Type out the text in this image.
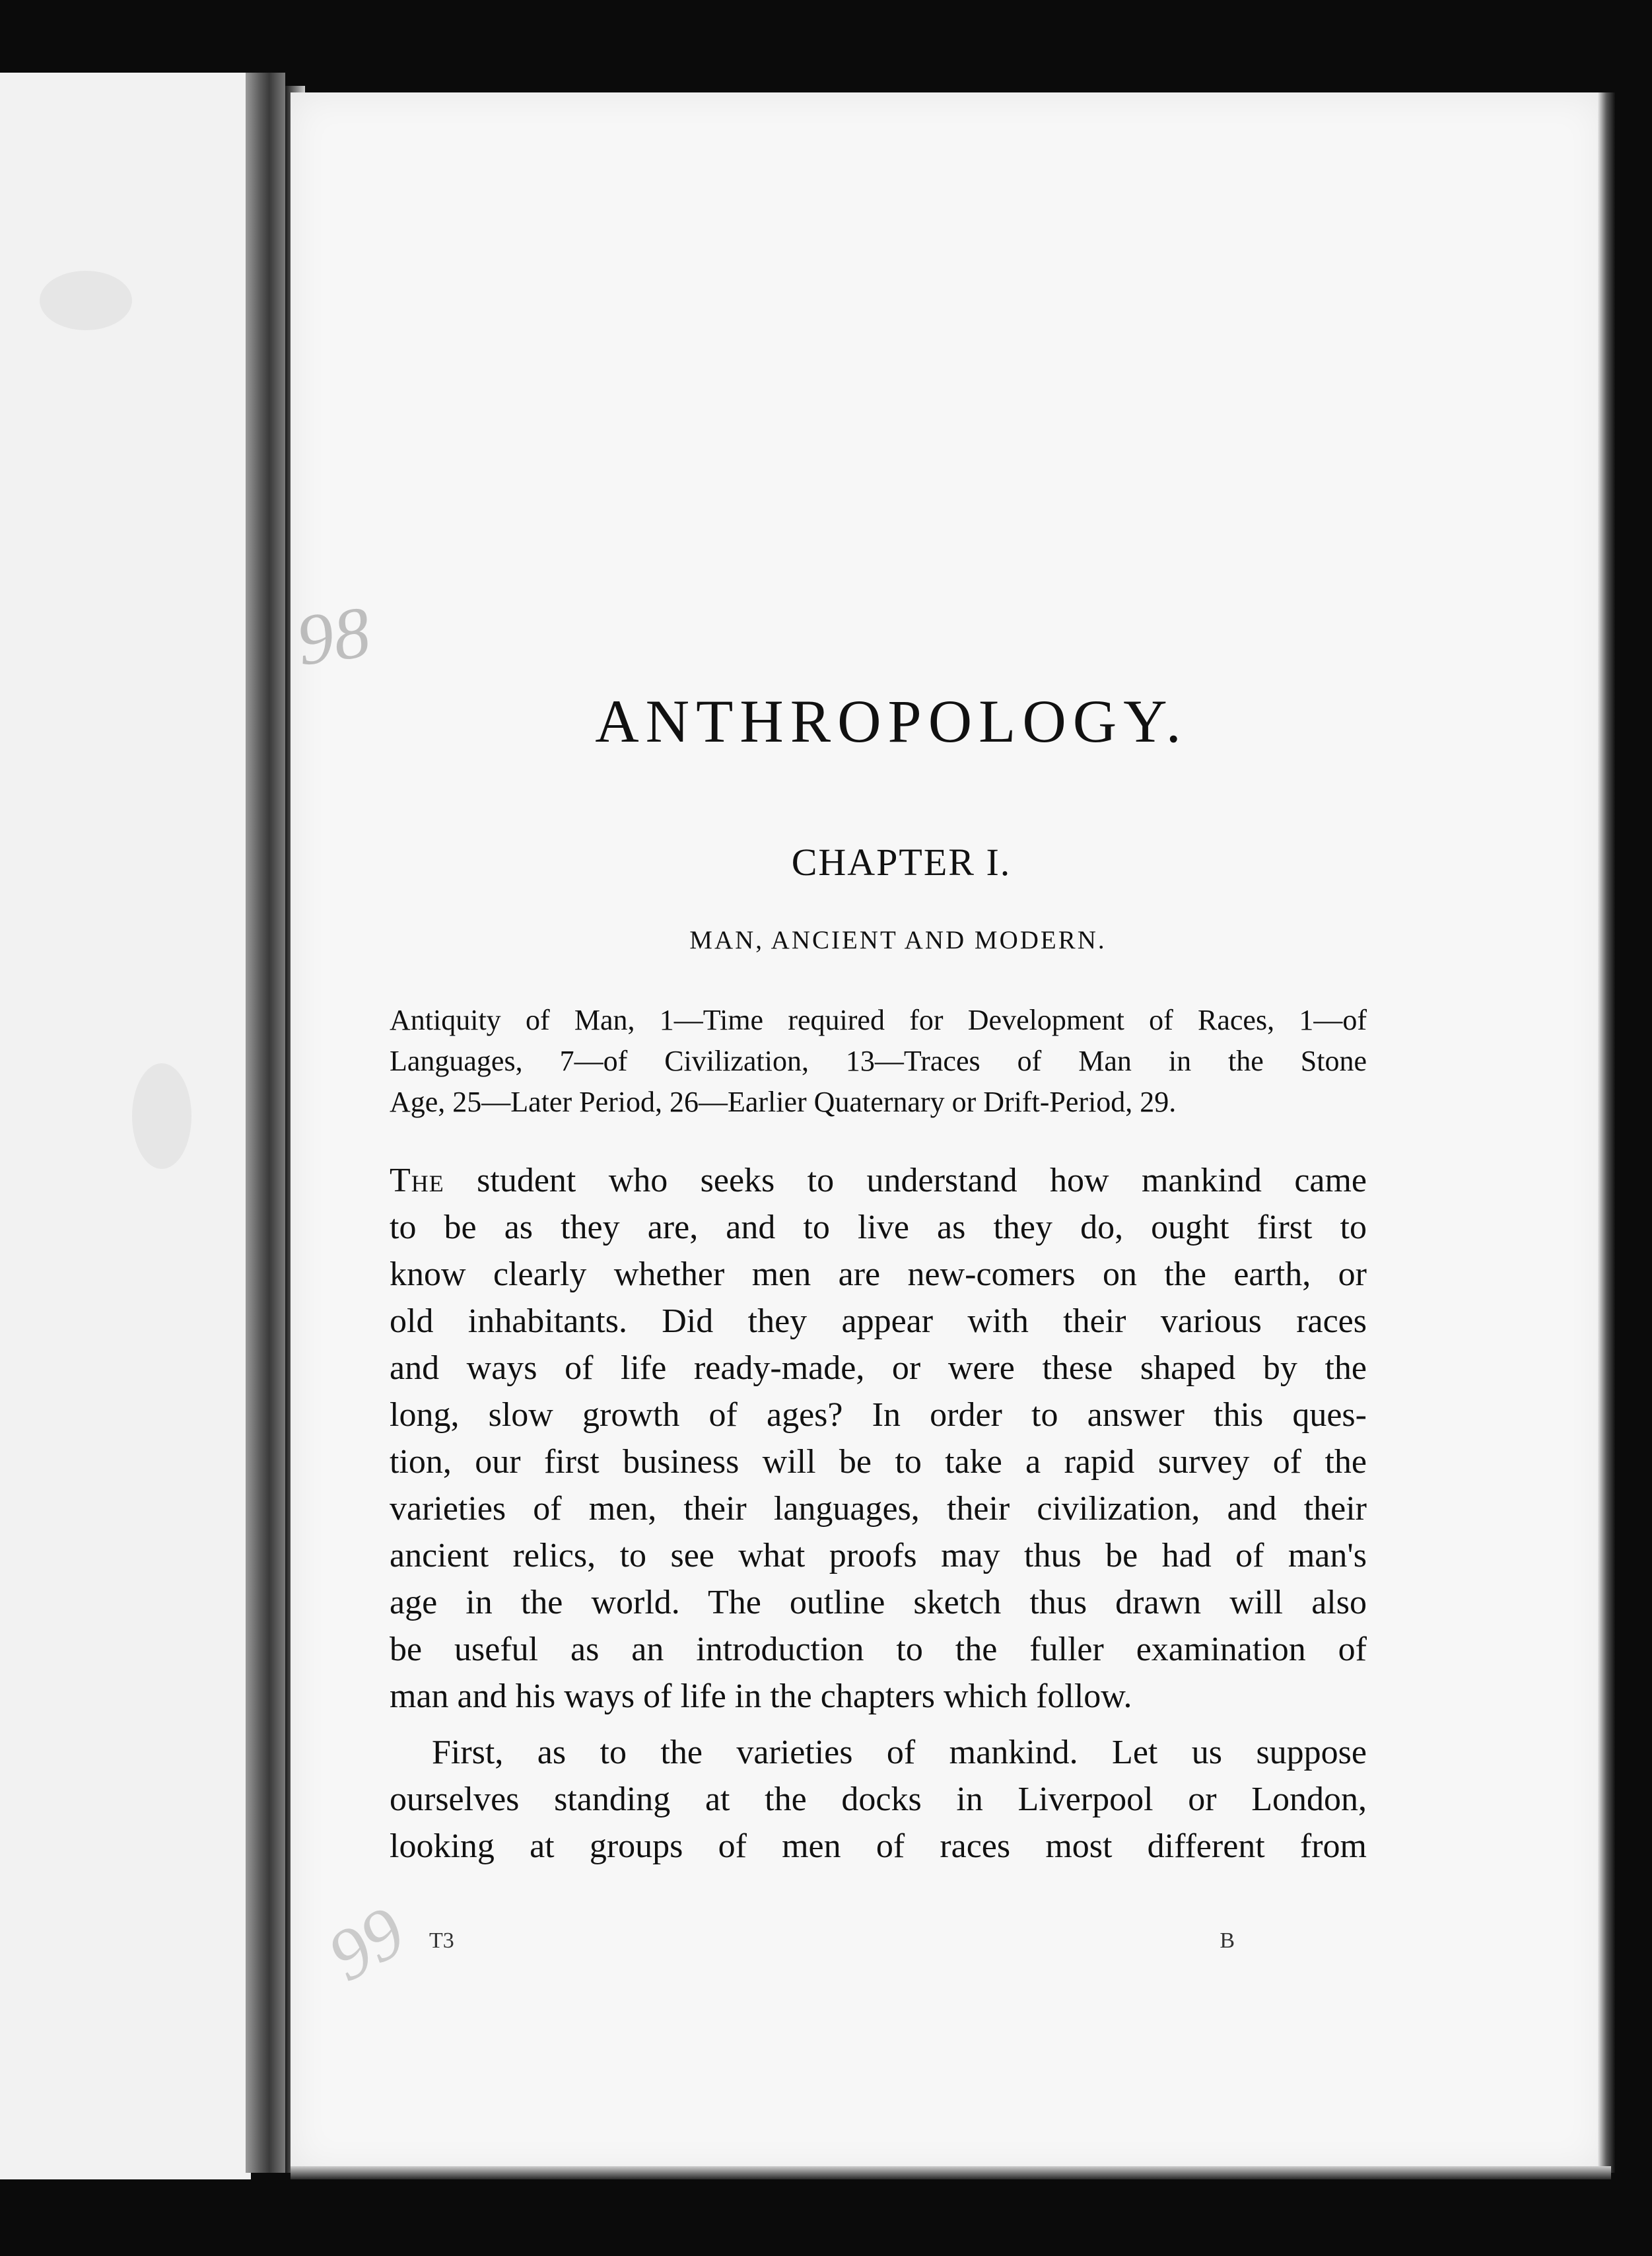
98
99
ANTHROPOLOGY.
CHAPTER I.
MAN, ANCIENT AND MODERN.
Antiquity of Man, 1—Time required for Development of Races, 1—of
Languages, 7—of Civilization, 13—Traces of Man in the Stone
Age, 25—Later Period, 26—Earlier Quaternary or Drift-Period, 29.

The student who seeks to understand how mankind came
to be as they are, and to live as they do, ought first to
know clearly whether men are new-comers on the earth, or
old inhabitants. Did they appear with their various races
and ways of life ready-made, or were these shaped by the
long, slow growth of ages? In order to answer this ques-
tion, our first business will be to take a rapid survey of the
varieties of men, their languages, their civilization, and their
ancient relics, to see what proofs may thus be had of man's
age in the world. The outline sketch thus drawn will also
be useful as an introduction to the fuller examination of
man and his ways of life in the chapters which follow.

First, as to the varieties of mankind. Let us suppose
ourselves standing at the docks in Liverpool or London,
looking at groups of men of races most different from

T3	B
